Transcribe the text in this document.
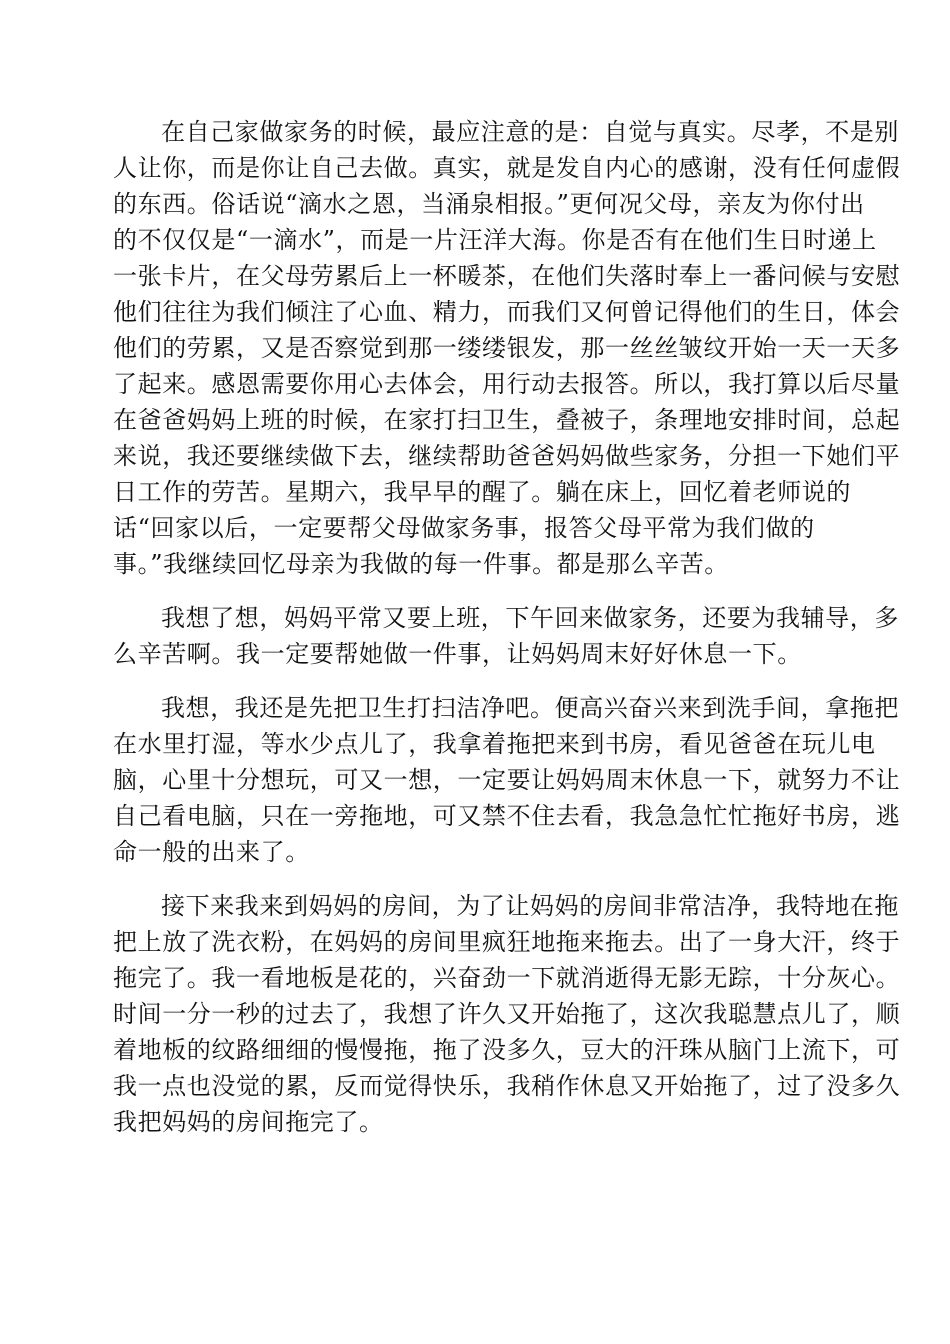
在自己家做家务的时候，最应注意的是：自觉与真实。尽孝，不是别
人让你，而是你让自己去做。真实，就是发自内心的感谢，没有任何虚假
的东西。俗话说“滴水之恩，当涌泉相报。”更何况父母，亲友为你付出
的不仅仅是“一滴水”，而是一片汪洋大海。你是否有在他们生日时递上
一张卡片，在父母劳累后上一杯暖茶，在他们失落时奉上一番问候与安慰
他们往往为我们倾注了心血、精力，而我们又何曾记得他们的生日，体会
他们的劳累，又是否察觉到那一缕缕银发，那一丝丝皱纹开始一天一天多
了起来。感恩需要你用心去体会，用行动去报答。所以，我打算以后尽量
在爸爸妈妈上班的时候，在家打扫卫生，叠被子，条理地安排时间，总起
来说，我还要继续做下去，继续帮助爸爸妈妈做些家务，分担一下她们平
日工作的劳苦。星期六，我早早的醒了。躺在床上，回忆着老师说的
话“回家以后，一定要帮父母做家务事，报答父母平常为我们做的
事。”我继续回忆母亲为我做的每一件事。都是那么辛苦。
我想了想，妈妈平常又要上班，下午回来做家务，还要为我辅导，多
么辛苦啊。我一定要帮她做一件事，让妈妈周末好好休息一下。
我想，我还是先把卫生打扫洁净吧。便高兴奋兴来到洗手间，拿拖把
在水里打湿，等水少点儿了，我拿着拖把来到书房，看见爸爸在玩儿电
脑，心里十分想玩，可又一想，一定要让妈妈周末休息一下，就努力不让
自己看电脑，只在一旁拖地，可又禁不住去看，我急急忙忙拖好书房，逃
命一般的出来了。
接下来我来到妈妈的房间，为了让妈妈的房间非常洁净，我特地在拖
把上放了洗衣粉，在妈妈的房间里疯狂地拖来拖去。出了一身大汗，终于
拖完了。我一看地板是花的，兴奋劲一下就消逝得无影无踪，十分灰心。
时间一分一秒的过去了，我想了许久又开始拖了，这次我聪慧点儿了，顺
着地板的纹路细细的慢慢拖，拖了没多久，豆大的汗珠从脑门上流下，可
我一点也没觉的累，反而觉得快乐，我稍作休息又开始拖了，过了没多久
我把妈妈的房间拖完了。
